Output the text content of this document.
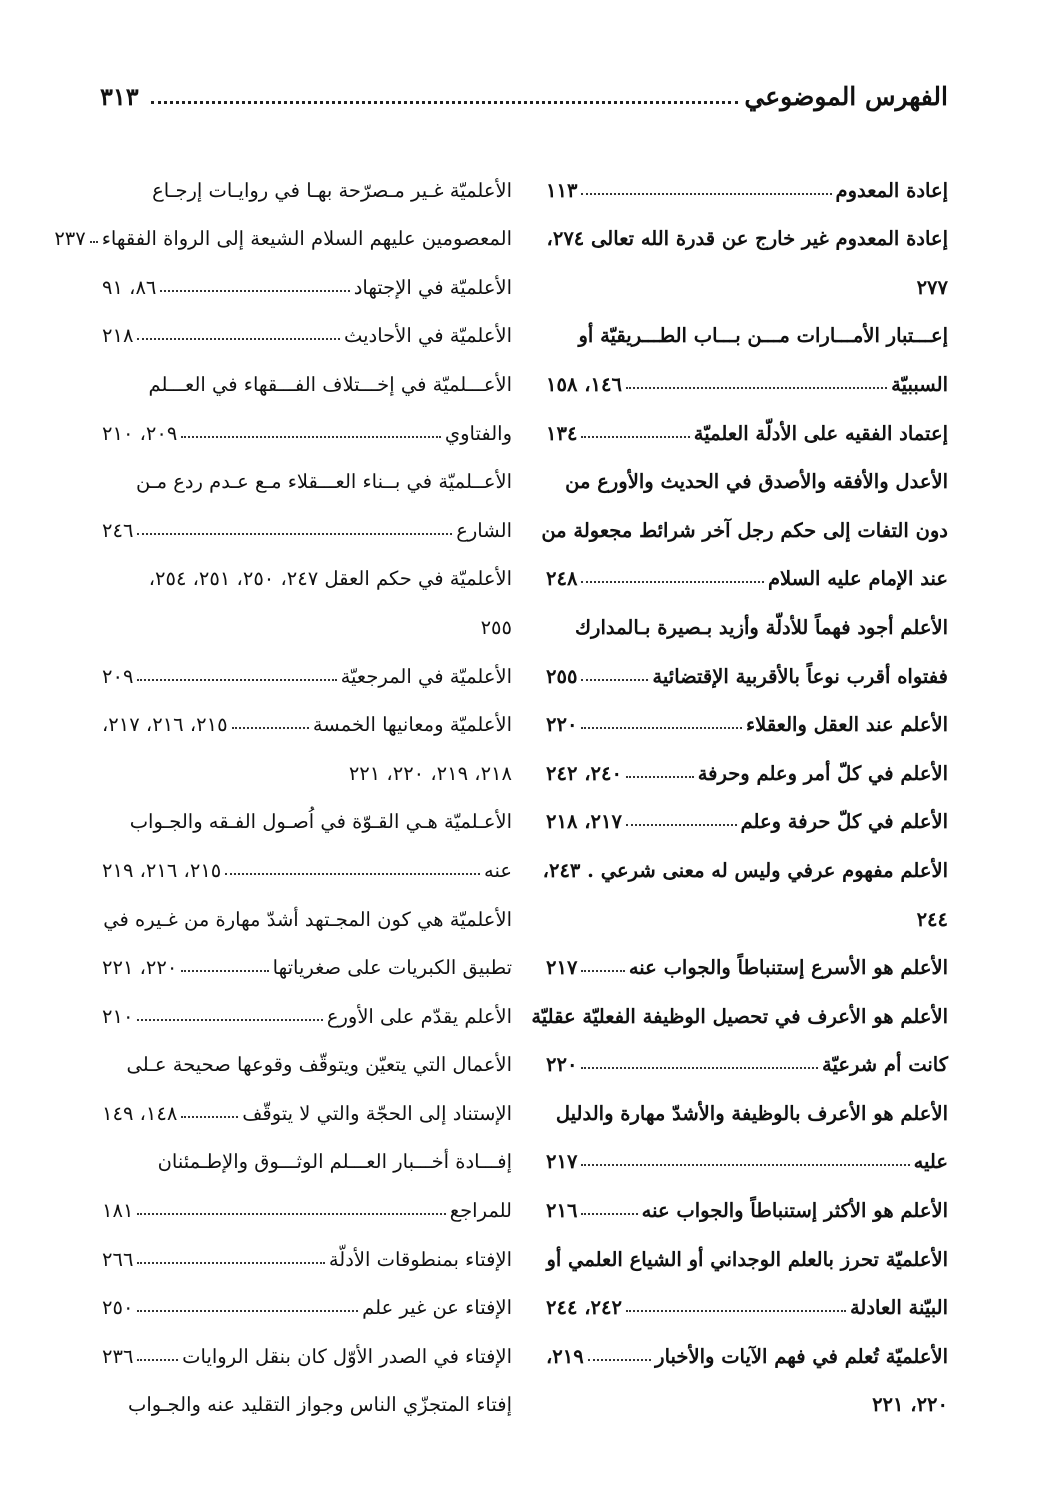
٣١٣	الفهرس الموضوعي
إعادة المعدوم
١١٣
إعادة المعدوم غير خارج عن قدرة الله تعالى ٢٧٤،
٢٧٧
إعـــتبار الأمـــارات مـــن بـــاب الطـــريقيّة أو
السببيّة
١٤٦، ١٥٨
إعتماد الفقيه على الأدلّة العلميّة
١٣٤
الأعدل والأفقه والأصدق في الحديث والأورع من
دون التفات إلى حكم رجل آخر شرائط مجعولة من
عند الإمام عليه السلام
٢٤٨
الأعلم أجود فهماً للأدلّة وأزيد بـصيرة بـالمدارك
ففتواه أقرب نوعاً بالأقربية الإقتضائية
٢٥٥
الأعلم عند العقل والعقلاء
٢٢٠
الأعلم في كلّ أمر وعلم وحرفة
٢٤٠، ٢٤٢
الأعلم في كلّ حرفة وعلم
٢١٧، ٢١٨
الأعلم مفهوم عرفي وليس له معنى شرعي . ٢٤٣،
٢٤٤
الأعلم هو الأسرع إستنباطاً والجواب عنه
٢١٧
الأعلم هو الأعرف في تحصيل الوظيفة الفعليّة عقليّة
كانت أم شرعيّة
٢٢٠
الأعلم هو الأعرف بالوظيفة والأشدّ مهارة والدليل
عليه
٢١٧
الأعلم هو الأكثر إستنباطاً والجواب عنه
٢١٦
الأعلميّة تحرز بالعلم الوجداني أو الشياع العلمي أو
البيّنة العادلة
٢٤٢، ٢٤٤
الأعلميّة تُعلم في فهم الآيات والأخبار
٢١٩،
٢٢٠، ٢٢١
الأعلميّة غـير مـصرّحة بهـا في روايـات إرجـاع
المعصومين عليهم السلام الشيعة إلى الرواة الفقهاء
٢٣٧
الأعلميّة في الإجتهاد
٨٦، ٩١
الأعلميّة في الأحاديث
٢١٨
الأعـــلميّة في إخـــتلاف الفـــقهاء في العـــلم
والفتاوي
٢٠٩، ٢١٠
الأعــلميّة في بــناء العـــقلاء مـع عـدم ردع مـن
الشارع
٢٤٦
الأعلميّة في حكم العقل ٢٤٧، ٢٥٠، ٢٥١، ٢٥٤،
٢٥٥
الأعلميّة في المرجعيّة
٢٠٩
الأعلميّة ومعانيها الخمسة
٢١٥، ٢١٦، ٢١٧،
٢١٨، ٢١٩، ٢٢٠، ٢٢١
الأعـلميّة هـي القـوّة في اُصـول الفـقه والجـواب
عنه
٢١٥، ٢١٦، ٢١٩
الأعلميّة هي كون المجـتهد أشدّ مهارة من غـيره في
تطبيق الكبريات على صغرياتها
٢٢٠، ٢٢١
الأعلم يقدّم على الأورع
٢١٠
الأعمال التي يتعيّن ويتوقّف وقوعها صحيحة عـلى
الإستناد إلى الحجّة والتي لا يتوقّف
١٤٨، ١٤٩
إفـــادة أخـــبار العـــلم الوثـــوق والإطـمئنان
للمراجع
١٨١
الإفتاء بمنطوقات الأدلّة
٢٦٦
الإفتاء عن غير علم
٢٥٠
الإفتاء في الصدر الأوّل كان بنقل الروايات
٢٣٦
إفتاء المتجزّي الناس وجواز التقليد عنه والجـواب
